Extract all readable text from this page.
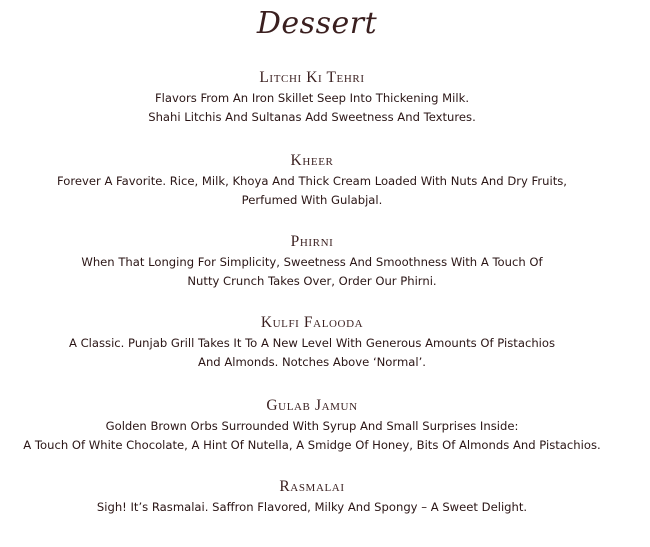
Dessert
Litchi Ki Tehri
Flavors From An Iron Skillet Seep Into Thickening Milk.
Shahi Litchis And Sultanas Add Sweetness And Textures.
Kheer
Forever A Favorite. Rice, Milk, Khoya And Thick Cream Loaded With Nuts And Dry Fruits,
Perfumed With Gulabjal.
Phirni
When That Longing For Simplicity, Sweetness And Smoothness With A Touch Of
Nutty Crunch Takes Over, Order Our Phirni.
Kulfi Falooda
A Classic. Punjab Grill Takes It To A New Level With Generous Amounts Of Pistachios
And Almonds. Notches Above ‘Normal’.
Gulab Jamun
Golden Brown Orbs Surrounded With Syrup And Small Surprises Inside:
A Touch Of White Chocolate, A Hint Of Nutella, A Smidge Of Honey, Bits Of Almonds And Pistachios.
Rasmalai
Sigh! It’s Rasmalai. Saffron Flavored, Milky And Spongy – A Sweet Delight.
